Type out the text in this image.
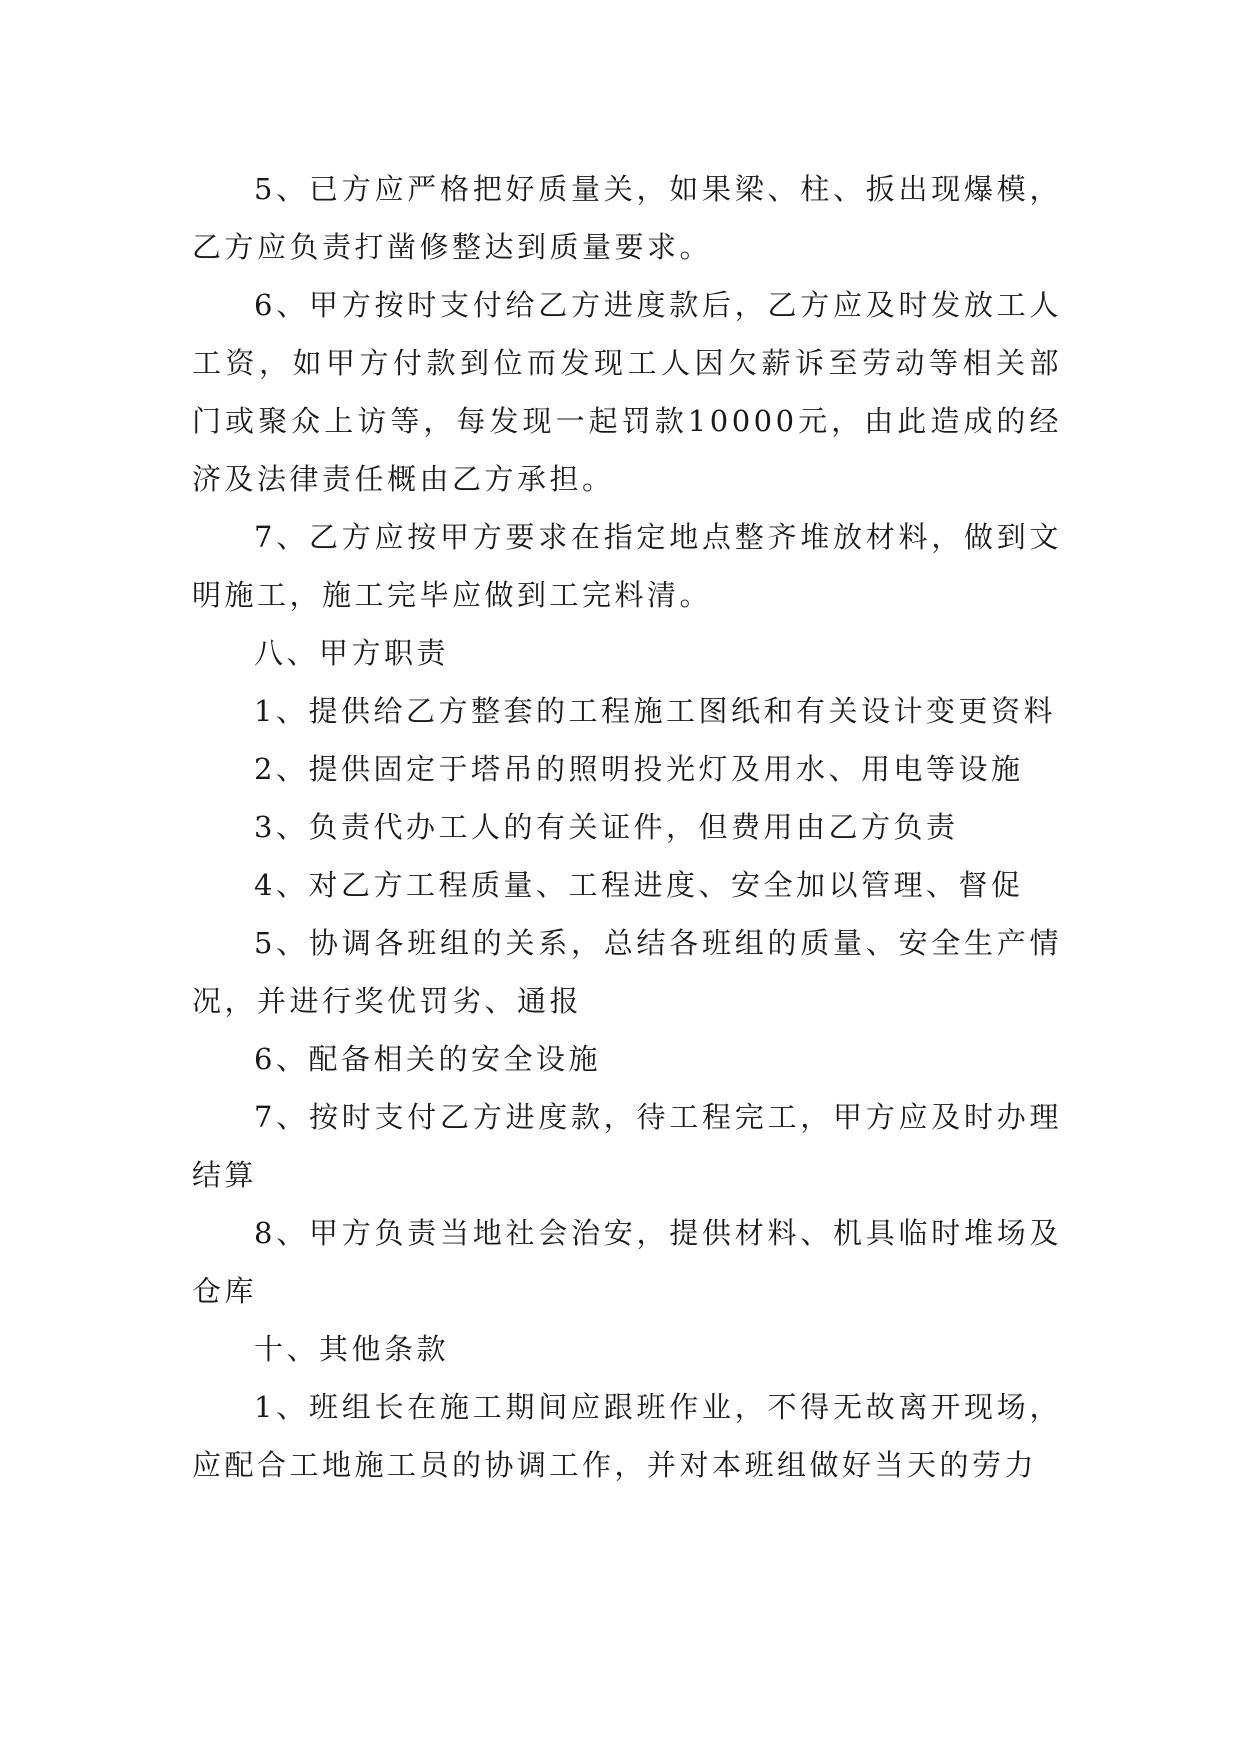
5、已方应严格把好质量关，如果梁、柱、扳出现爆模，乙方应负责打凿修整达到质量要求。

6、甲方按时支付给乙方进度款后，乙方应及时发放工人工资，如甲方付款到位而发现工人因欠薪诉至劳动等相关部门或聚众上访等，每发现一起罚款10000元，由此造成的经济及法律责任概由乙方承担。

7、乙方应按甲方要求在指定地点整齐堆放材料，做到文明施工，施工完毕应做到工完料清。

八、甲方职责

1、提供给乙方整套的工程施工图纸和有关设计变更资料

2、提供固定于塔吊的照明投光灯及用水、用电等设施

3、负责代办工人的有关证件，但费用由乙方负责

4、对乙方工程质量、工程进度、安全加以管理、督促

5、协调各班组的关系，总结各班组的质量、安全生产情况，并进行奖优罚劣、通报

6、配备相关的安全设施

7、按时支付乙方进度款，待工程完工，甲方应及时办理结算

8、甲方负责当地社会治安，提供材料、机具临时堆场及仓库

十、其他条款

1、班组长在施工期间应跟班作业，不得无故离开现场，应配合工地施工员的协调工作，并对本班组做好当天的劳力
